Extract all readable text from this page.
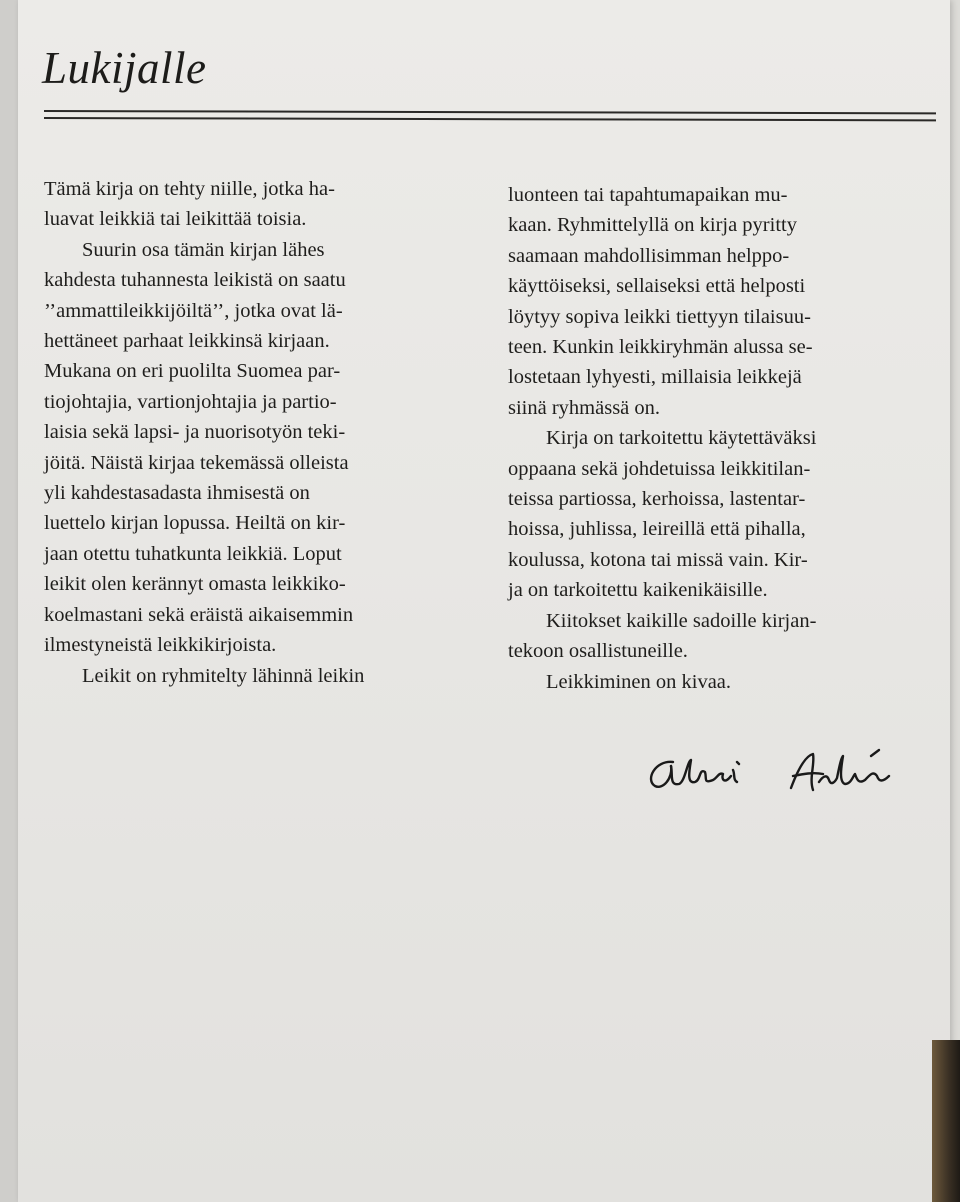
Lukijalle
Tämä kirja on tehty niille, jotka ha-
luavat leikkiä tai leikittää toisia.
Suurin osa tämän kirjan lähes
kahdesta tuhannesta leikistä on saatu
’’ammattileikkijöiltä’’, jotka ovat lä-
hettäneet parhaat leikkinsä kirjaan.
Mukana on eri puolilta Suomea par-
tiojohtajia, vartionjohtajia ja partio-
laisia sekä lapsi- ja nuorisotyön teki-
jöitä. Näistä kirjaa tekemässä olleista
yli kahdestasadasta ihmisestä on
luettelo kirjan lopussa. Heiltä on kir-
jaan otettu tuhatkunta leikkiä. Loput
leikit olen kerännyt omasta leikkiko-
koelmastani sekä eräistä aikaisemmin
ilmestyneistä leikkikirjoista.
Leikit on ryhmitelty lähinnä leikin
luonteen tai tapahtumapaikan mu-
kaan. Ryhmittelyllä on kirja pyritty
saamaan mahdollisimman helppo-
käyttöiseksi, sellaiseksi että helposti
löytyy sopiva leikki tiettyyn tilaisuu-
teen. Kunkin leikkiryhmän alussa se-
lostetaan lyhyesti, millaisia leikkejä
siinä ryhmässä on.
Kirja on tarkoitettu käytettäväksi
oppaana sekä johdetuissa leikkitilan-
teissa partiossa, kerhoissa, lastentar-
hoissa, juhlissa, leireillä että pihalla,
koulussa, kotona tai missä vain. Kir-
ja on tarkoitettu kaikenikäisille.
Kiitokset kaikille sadoille kirjan-
tekoon osallistuneille.
Leikkiminen on kivaa.
